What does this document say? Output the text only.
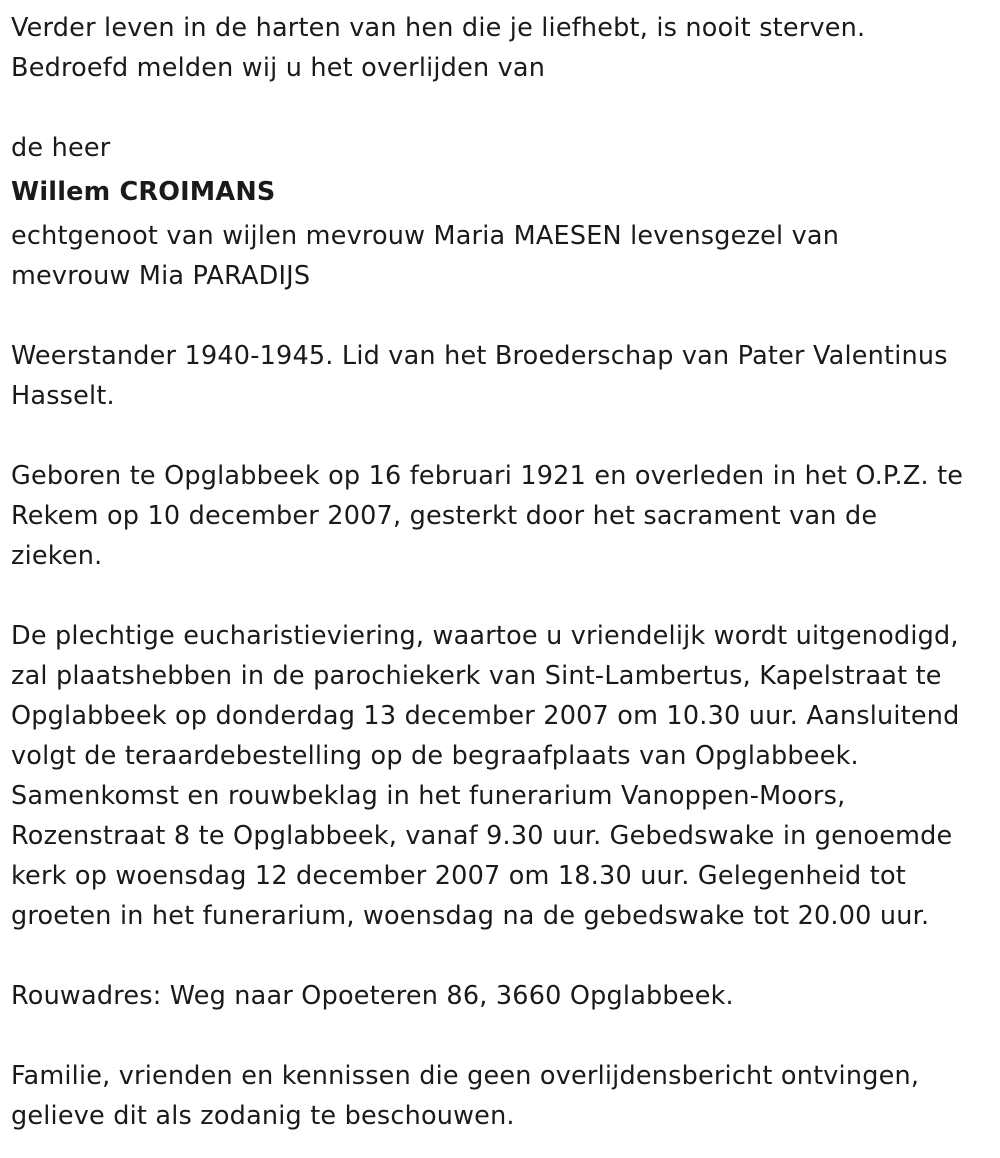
Verder leven in de harten van hen die je liefhebt, is nooit sterven.
Bedroefd melden wij u het overlijden van

de heer

Willem CROIMANS

echtgenoot van wijlen mevrouw Maria MAESEN levensgezel van
mevrouw Mia PARADIJS

Weerstander 1940-1945. Lid van het Broederschap van Pater Valentinus
Hasselt.

Geboren te Opglabbeek op 16 februari 1921 en overleden in het O.P.Z. te
Rekem op 10 december 2007, gesterkt door het sacrament van de
zieken.

De plechtige eucharistieviering, waartoe u vriendelijk wordt uitgenodigd,
zal plaatshebben in de parochiekerk van Sint-Lambertus, Kapelstraat te
Opglabbeek op donderdag 13 december 2007 om 10.30 uur. Aansluitend
volgt de teraardebestelling op de begraafplaats van Opglabbeek.
Samenkomst en rouwbeklag in het funerarium Vanoppen-Moors,
Rozenstraat 8 te Opglabbeek, vanaf 9.30 uur. Gebedswake in genoemde
kerk op woensdag 12 december 2007 om 18.30 uur. Gelegenheid tot
groeten in het funerarium, woensdag na de gebedswake tot 20.00 uur.

Rouwadres: Weg naar Opoeteren 86, 3660 Opglabbeek.

Familie, vrienden en kennissen die geen overlijdensbericht ontvingen,
gelieve dit als zodanig te beschouwen.
